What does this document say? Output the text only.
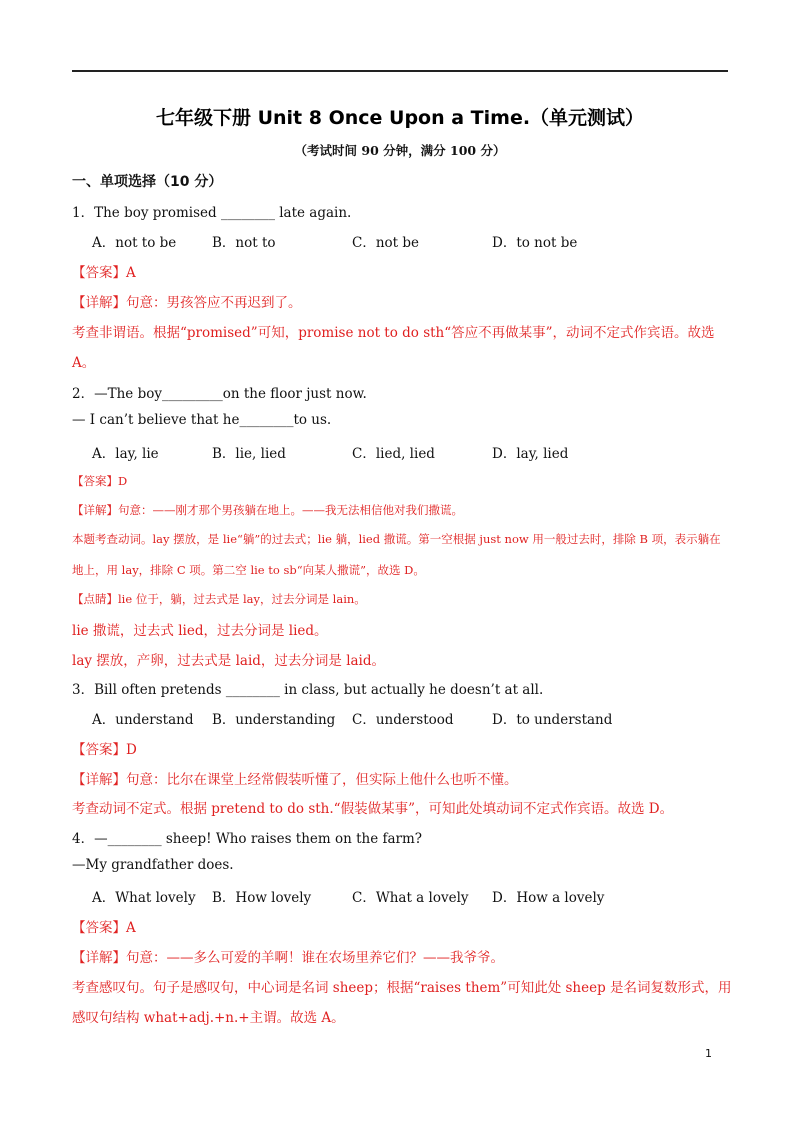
七年级下册 Unit 8 Once Upon a Time.（单元测试）
（考试时间 90 分钟，满分 100 分）
一、单项选择（10 分）
1．The boy promised ________ late again.
A．not to be	B．not to	C．not be	D．to not be
【答案】A
【详解】句意：男孩答应不再迟到了。
考查非谓语。根据“promised”可知，promise not to do sth“答应不再做某事”，动词不定式作宾语。故选
A。
2．—The boy_________on the floor just now.
— I can’t believe that he________to us.
A．lay, lie	B．lie, lied	C．lied, lied	D．lay, lied
【答案】D
【详解】句意：——刚才那个男孩躺在地上。——我无法相信他对我们撒谎。
本题考查动词。lay 摆放，是 lie“躺”的过去式；lie 躺，lied 撒谎。第一空根据 just now 用一般过去时，排除 B 项，表示躺在
地上，用 lay，排除 C 项。第二空 lie to sb“向某人撒谎”，故选 D。
【点睛】lie 位于，躺，过去式是 lay，过去分词是 lain。
lie 撒谎，过去式 lied，过去分词是 lied。
lay 摆放，产卵，过去式是 laid，过去分词是 laid。
3．Bill often pretends ________ in class, but actually he doesn’t at all.
A．understand B．understanding C．understood	D．to understand
【答案】D
【详解】句意：比尔在课堂上经常假装听懂了，但实际上他什么也听不懂。
考查动词不定式。根据 pretend to do sth.“假装做某事”，可知此处填动词不定式作宾语。故选 D。
4．—________ sheep! Who raises them on the farm?
—My grandfather does.
A．What lovely B．How lovely	C．What a lovely D．How a lovely
【答案】A
【详解】句意：——多么可爱的羊啊！谁在农场里养它们？——我爷爷。
考查感叹句。句子是感叹句，中心词是名词 sheep；根据“raises them”可知此处 sheep 是名词复数形式，用
感叹句结构 what+adj.+n.+主谓。故选 A。
1
